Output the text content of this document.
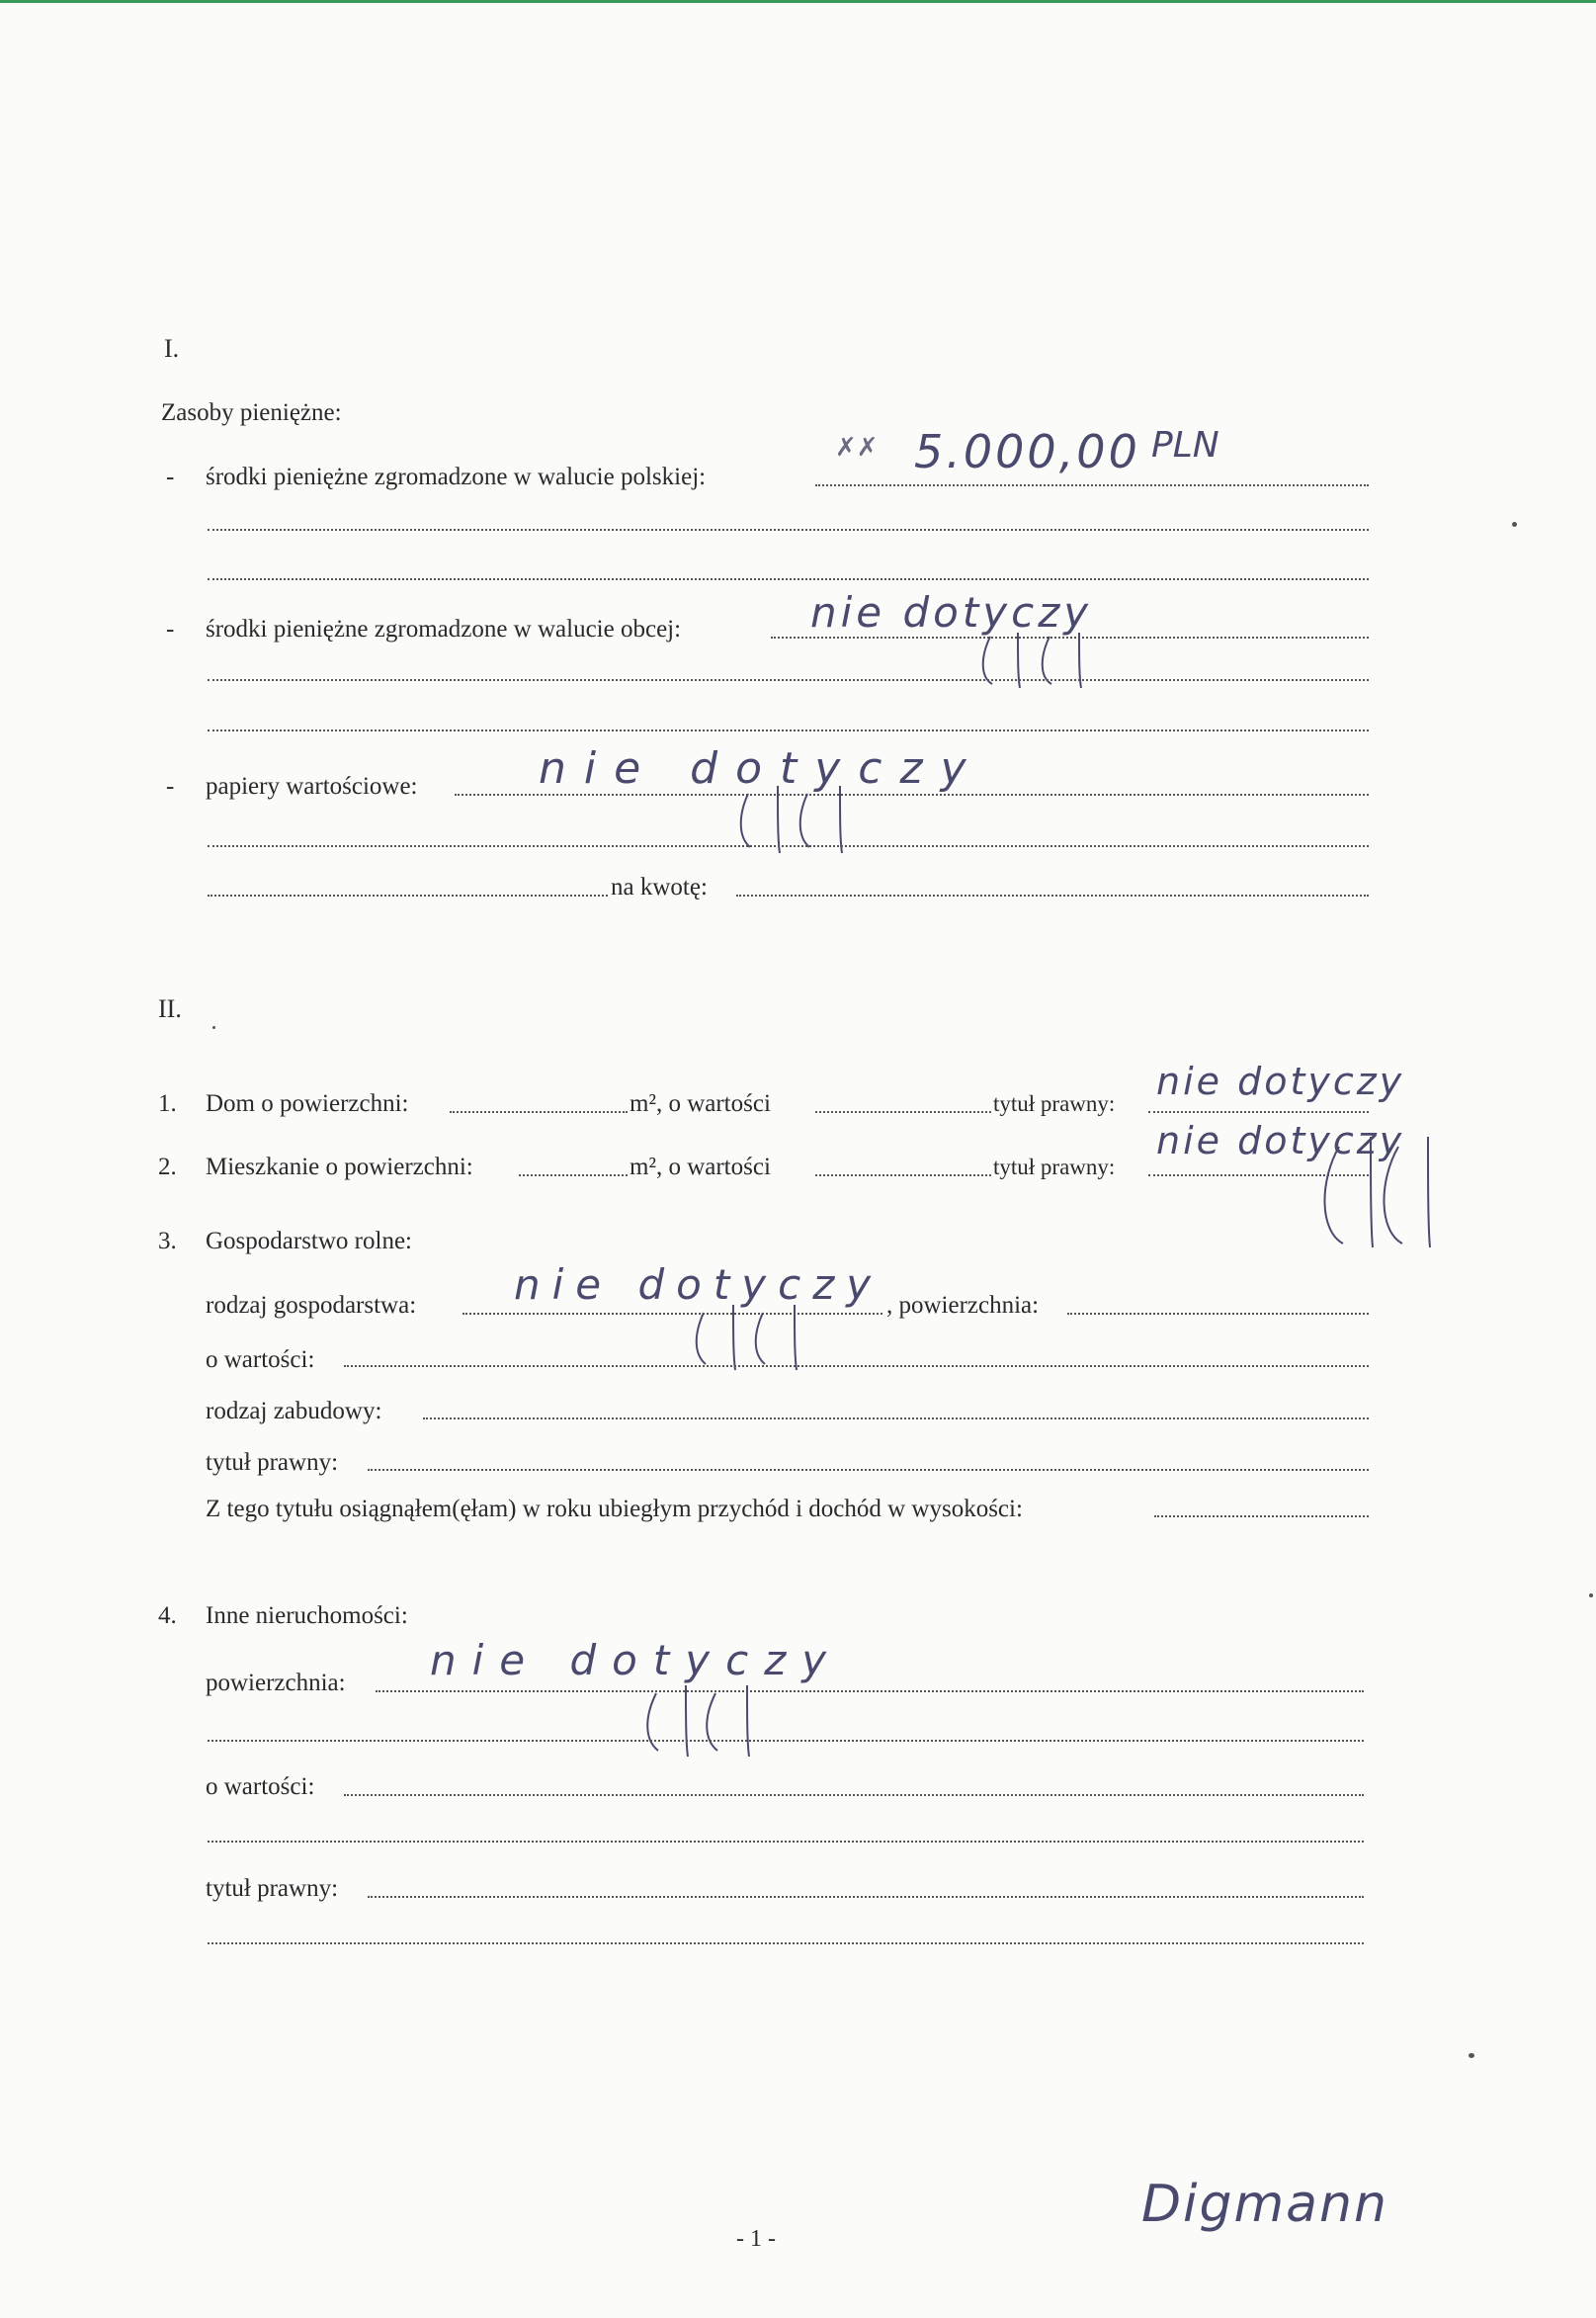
I.
Zasoby pieniężne:
- środki pieniężne zgromadzone w walucie polskiej:
✗✗ 5.000,00 PLN
- środki pieniężne zgromadzone w walucie obcej:	nie dotyczy
- papiery wartościowe:	nie dotyczy
na kwotę:
II.
1. Dom o powierzchni:	m², o wartości	tytuł prawny:
nie dotyczy
2. Mieszkanie o powierzchni:	m², o wartości	tytuł prawny:
nie dotyczy
3. Gospodarstwo rolne:
rodzaj gospodarstwa: nie dotyczy , powierzchnia:
o wartości:
rodzaj zabudowy:
tytuł prawny:
Z tego tytułu osiągnąłem(ęłam) w roku ubiegłym przychód i dochód w wysokości:
4. Inne nieruchomości:
powierzchnia: nie dotyczy
o wartości:
tytuł prawny:
- 1 -
Digmann
